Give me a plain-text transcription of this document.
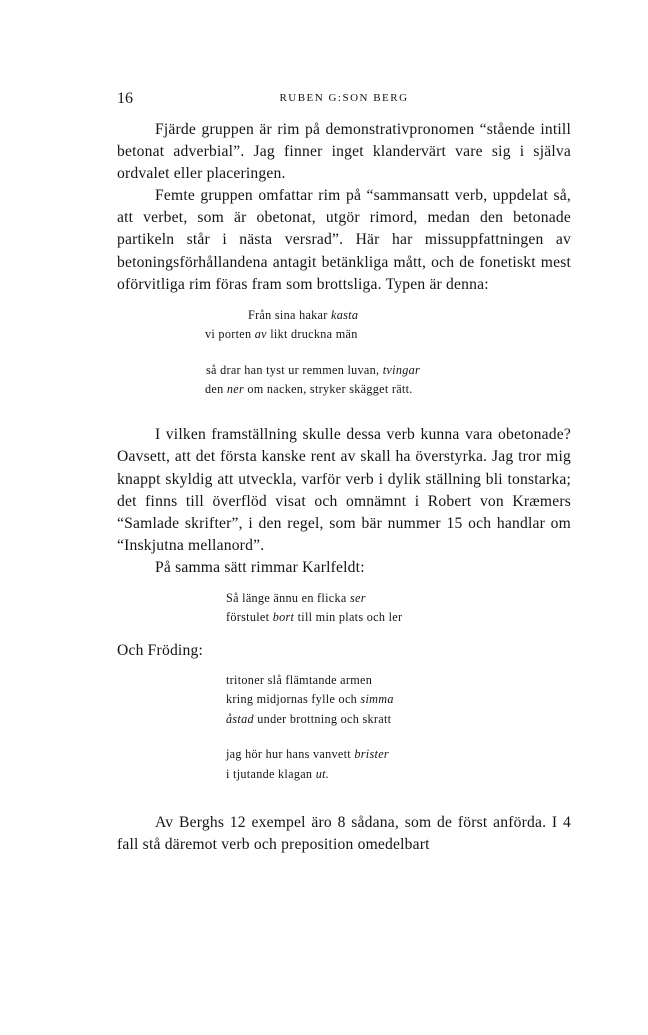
16	RUBEN G:SON BERG

Fjärde gruppen är rim på demonstrativpronomen “stående intill betonat adverbial”. Jag finner inget klandervärt vare sig i själva ordvalet eller placeringen.

Femte gruppen omfattar rim på “sammansatt verb, uppdelat så, att verbet, som är obetonat, utgör rimord, medan den betonade partikeln står i nästa versrad”. Här har missuppfattningen av betoningsförhållandena antagit betänkliga mått, och de fonetiskt mest oförvitliga rim föras fram som brottsliga. Typen är denna:

Från sina hakar kasta
vi porten av likt druckna män
så drar han tyst ur remmen luvan, tvingar
den ner om nacken, stryker skägget rätt.

I vilken framställning skulle dessa verb kunna vara obetonade? Oavsett, att det första kanske rent av skall ha överstyrka. Jag tror mig knappt skyldig att utveckla, varför verb i dylik ställning bli tonstarka; det finns till överflöd visat och omnämnt i Robert von Kræmers “Samlade skrifter”, i den regel, som bär nummer 15 och handlar om “Inskjutna mellanord”.

På samma sätt rimmar Karlfeldt:

Så länge ännu en flicka ser
förstulet bort till min plats och ler

Och Fröding:

tritoner slå flämtande armen
kring midjornas fylle och simma
åstad under brottning och skratt
jag hör hur hans vanvett brister
i tjutande klagan ut.

Av Berghs 12 exempel äro 8 sådana, som de först anförda. I 4 fall stå däremot verb och preposition omedelbart
